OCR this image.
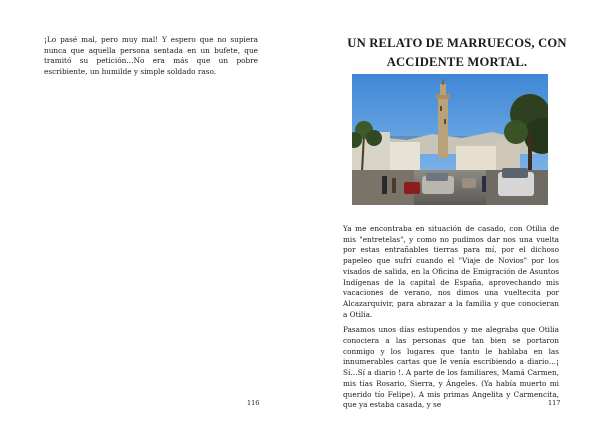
¡Lo pasé mal, pero muy mal! Y espero que no supiera nunca que aquella persona sentada en un bufete, que tramitó su petición…No era más que un pobre escribiente, un humilde y simple soldado raso.

116
UN RELATO DE MARRUECOS, CON
ACCIDENTE MORTAL.

Ya me encontraba en situación de casado, con Otilia de mis "entretelas", y como no pudimos dar nos una vuelta por estas entrañables tierras para mí, por el dichoso papeleo que sufrí cuando el "Viaje de Novios" por los visados de salida, en la Oficina de Emigración de Asuntos Indígenas de la capital de España, aprovechando mis vacaciones de verano, nos dimos una vueltecita por Alcazarquivir, para abrazar a la familia y que conocieran a Otilia.

Pasamos unos días estupendos y me alegraba que Otilia conociera a las personas que tan bien se portaron conmigo y los lugares que tanto le hablaba en las innumerables cartas que le venía escribiendo a diario…¡ Sí…Sí a diario !. A parte de los familiares, Mamá Carmen, mis tías Rosario, Sierra, y Ángeles. (Ya había muerto mi querido tío Felipe). A mis primas Angelita y Carmencita, que ya estaba casada, y se	117
